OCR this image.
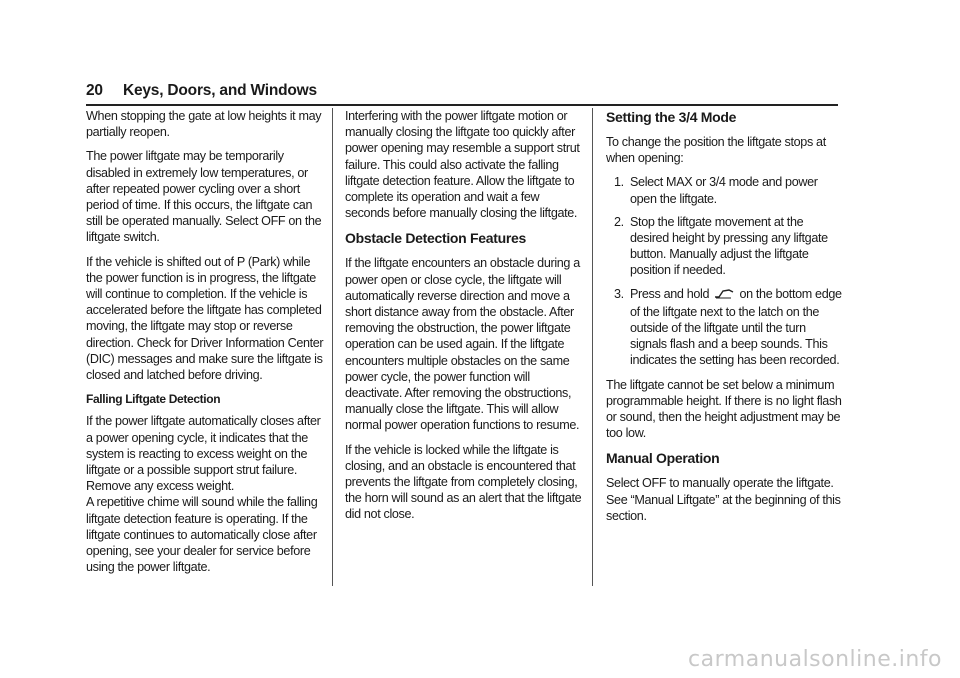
20 Keys, Doors, and Windows

When stopping the gate at low heights it may partially reopen.

The power liftgate may be temporarily disabled in extremely low temperatures, or after repeated power cycling over a short period of time. If this occurs, the liftgate can still be operated manually. Select OFF on the liftgate switch.

If the vehicle is shifted out of P (Park) while the power function is in progress, the liftgate will continue to completion. If the vehicle is accelerated before the liftgate has completed moving, the liftgate may stop or reverse direction. Check for Driver Information Center (DIC) messages and make sure the liftgate is closed and latched before driving.

Falling Liftgate Detection

If the power liftgate automatically closes after a power opening cycle, it indicates that the system is reacting to excess weight on the liftgate or a possible support strut failure. Remove any excess weight.

A repetitive chime will sound while the falling liftgate detection feature is operating. If the liftgate continues to automatically close after opening, see your dealer for service before using the power liftgate.

Interfering with the power liftgate motion or manually closing the liftgate too quickly after power opening may resemble a support strut failure. This could also activate the falling liftgate detection feature. Allow the liftgate to complete its operation and wait a few seconds before manually closing the liftgate.

Obstacle Detection Features

If the liftgate encounters an obstacle during a power open or close cycle, the liftgate will automatically reverse direction and move a short distance away from the obstacle. After removing the obstruction, the power liftgate operation can be used again. If the liftgate encounters multiple obstacles on the same power cycle, the power function will deactivate. After removing the obstructions, manually close the liftgate. This will allow normal power operation functions to resume.

If the vehicle is locked while the liftgate is closing, and an obstacle is encountered that prevents the liftgate from completely closing, the horn will sound as an alert that the liftgate did not close.

Setting the 3/4 Mode

To change the position the liftgate stops at when opening:

1. Select MAX or 3/4 mode and power open the liftgate.
2. Stop the liftgate movement at the desired height by pressing any liftgate button. Manually adjust the liftgate position if needed.
3. Press and hold on the bottom edge of the liftgate next to the latch on the outside of the liftgate until the turn signals flash and a beep sounds. This indicates the setting has been recorded.

The liftgate cannot be set below a minimum programmable height. If there is no light flash or sound, then the height adjustment may be too low.

Manual Operation

Select OFF to manually operate the liftgate. See “Manual Liftgate” at the beginning of this section.

carmanualsonline.info
